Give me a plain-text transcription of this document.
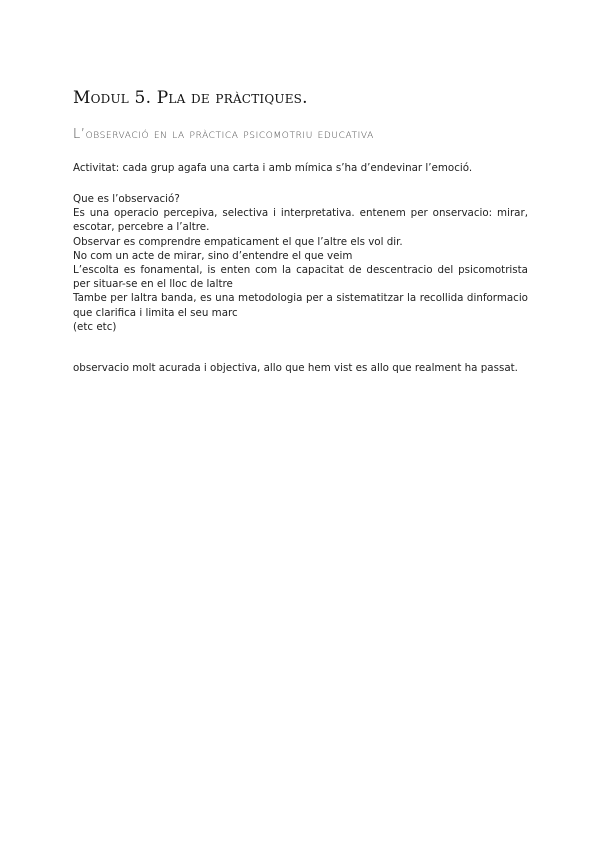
Modul 5. Pla de pràctiques.
L’observació en la pràctica psicomotriu educativa

Activitat: cada grup agafa una carta i amb mímica s’ha d’endevinar l’emoció.

Que es l’observació?

Es una operacio percepiva, selectiva i interpretativa. entenem per onservacio: mirar, escotar, percebre a l’altre.

Observar es comprendre empaticament el que l’altre els vol dir.

No com un acte de mirar, sino d’entendre el que veim

L’escolta es fonamental, is enten com la capacitat de descentracio del psicomotrista per situar-se en el lloc de laltre

Tambe per laltra banda, es una metodologia per a sistematitzar la recollida dinformacio que clarifica i limita el seu marc

(etc etc)

observacio molt acurada i objectiva, allo que hem vist es allo que realment ha passat.
